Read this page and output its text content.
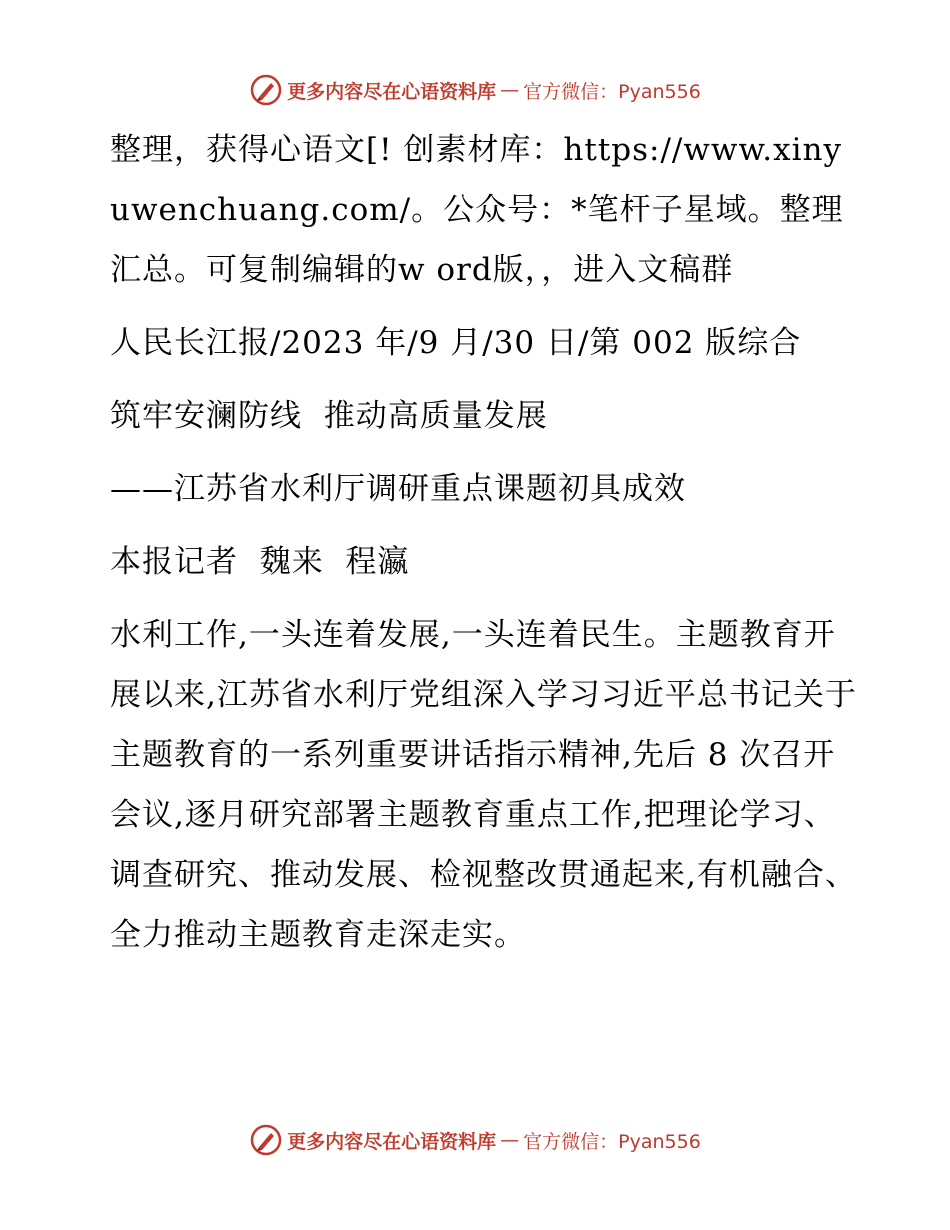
更多内容尽在心语资料库 — 官方微信：Pyan556

整理，获得心语文[! 创素材库：https://www.xinyuwenchuang.com/。公众号：*笔杆子星域。整理汇总。可复制编辑的w ord版，，进入文稿群

人民长江报/2023 年/9 月/30 日/第 002 版综合

筑牢安澜防线  推动高质量发展

——江苏省水利厅调研重点课题初具成效

本报记者  魏来  程瀛

水利工作,一头连着发展,一头连着民生。主题教育开展以来,江苏省水利厅党组深入学习习近平总书记关于主题教育的一系列重要讲话指示精神,先后 8 次召开会议,逐月研究部署主题教育重点工作,把理论学习、调查研究、推动发展、检视整改贯通起来,有机融合、全力推动主题教育走深走实。

更多内容尽在心语资料库 — 官方微信：Pyan556
